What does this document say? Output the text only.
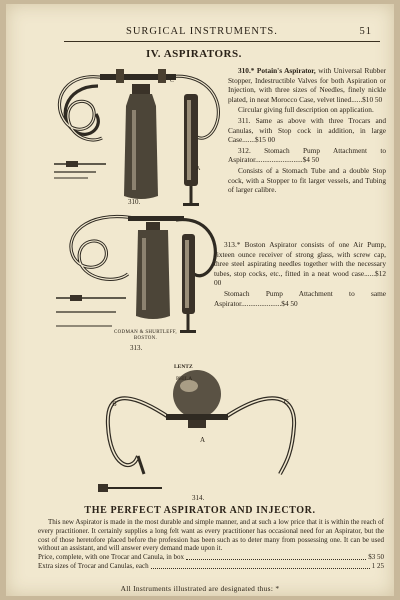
SURGICAL INSTRUMENTS.	51
IV. ASPIRATORS.
C
A
310.

310.* Potain's Aspirator, with Universal Rubber Stopper, Indestructible Valves for both Aspiration or Injection, with three sizes of Needles, finely nickle plated, in neat Morocco Case, velvet lined......$10 50

Circular giving full description on application.

311. Same as above with three Trocars and Canulas, with Stop cock in addition, in large Case.......$15 00

312. Stomach Pump Attachment to Aspirator..........................$4 50

Consists of a Stomach Tube and a double Stop cock, with a Stopper to fit larger vessels, and Tubing of larger calibre.

CODMAN & SHURTLEFF,
BOSTON.
313.

313.* Boston Aspirator consists of one Air Pump, sixteen ounce receiver of strong glass, with screw cap, three steel aspirating needles together with the necessary tubes, stop cocks, etc., fitted in a neat wood case......$12 00

Stomach Pump Attachment to same Aspirator......................$4 50

LENTZ
PHILA
B	C
A
314.
THE PERFECT ASPIRATOR AND INJECTOR.

This new Aspirator is made in the most durable and simple manner, and at such a low price that it is within the reach of every practitioner. It certainly supplies a long felt want as every practitioner has occasional need for an Aspirator, but the cost of those heretofore placed before the profession has been such as to deter many from possessing one. It can be used without an assistant, and will answer every demand made upon it.

Price, complete, with one Trocar and Canula, in box	$3 50
Extra sizes of Trocar and Canulas, each	1 25
All Instruments illustrated are designated thus: *
